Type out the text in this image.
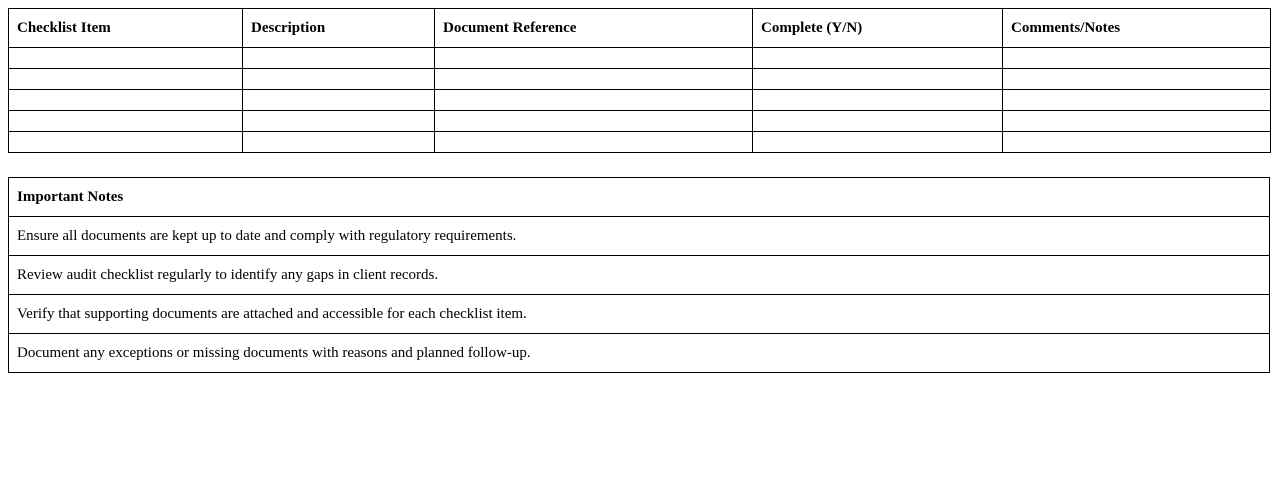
Checklist Item	Description	Document Reference	Complete (Y/N)	Comments/Notes

Important Notes
Ensure all documents are kept up to date and comply with regulatory requirements.
Review audit checklist regularly to identify any gaps in client records.
Verify that supporting documents are attached and accessible for each checklist item.
Document any exceptions or missing documents with reasons and planned follow-up.
